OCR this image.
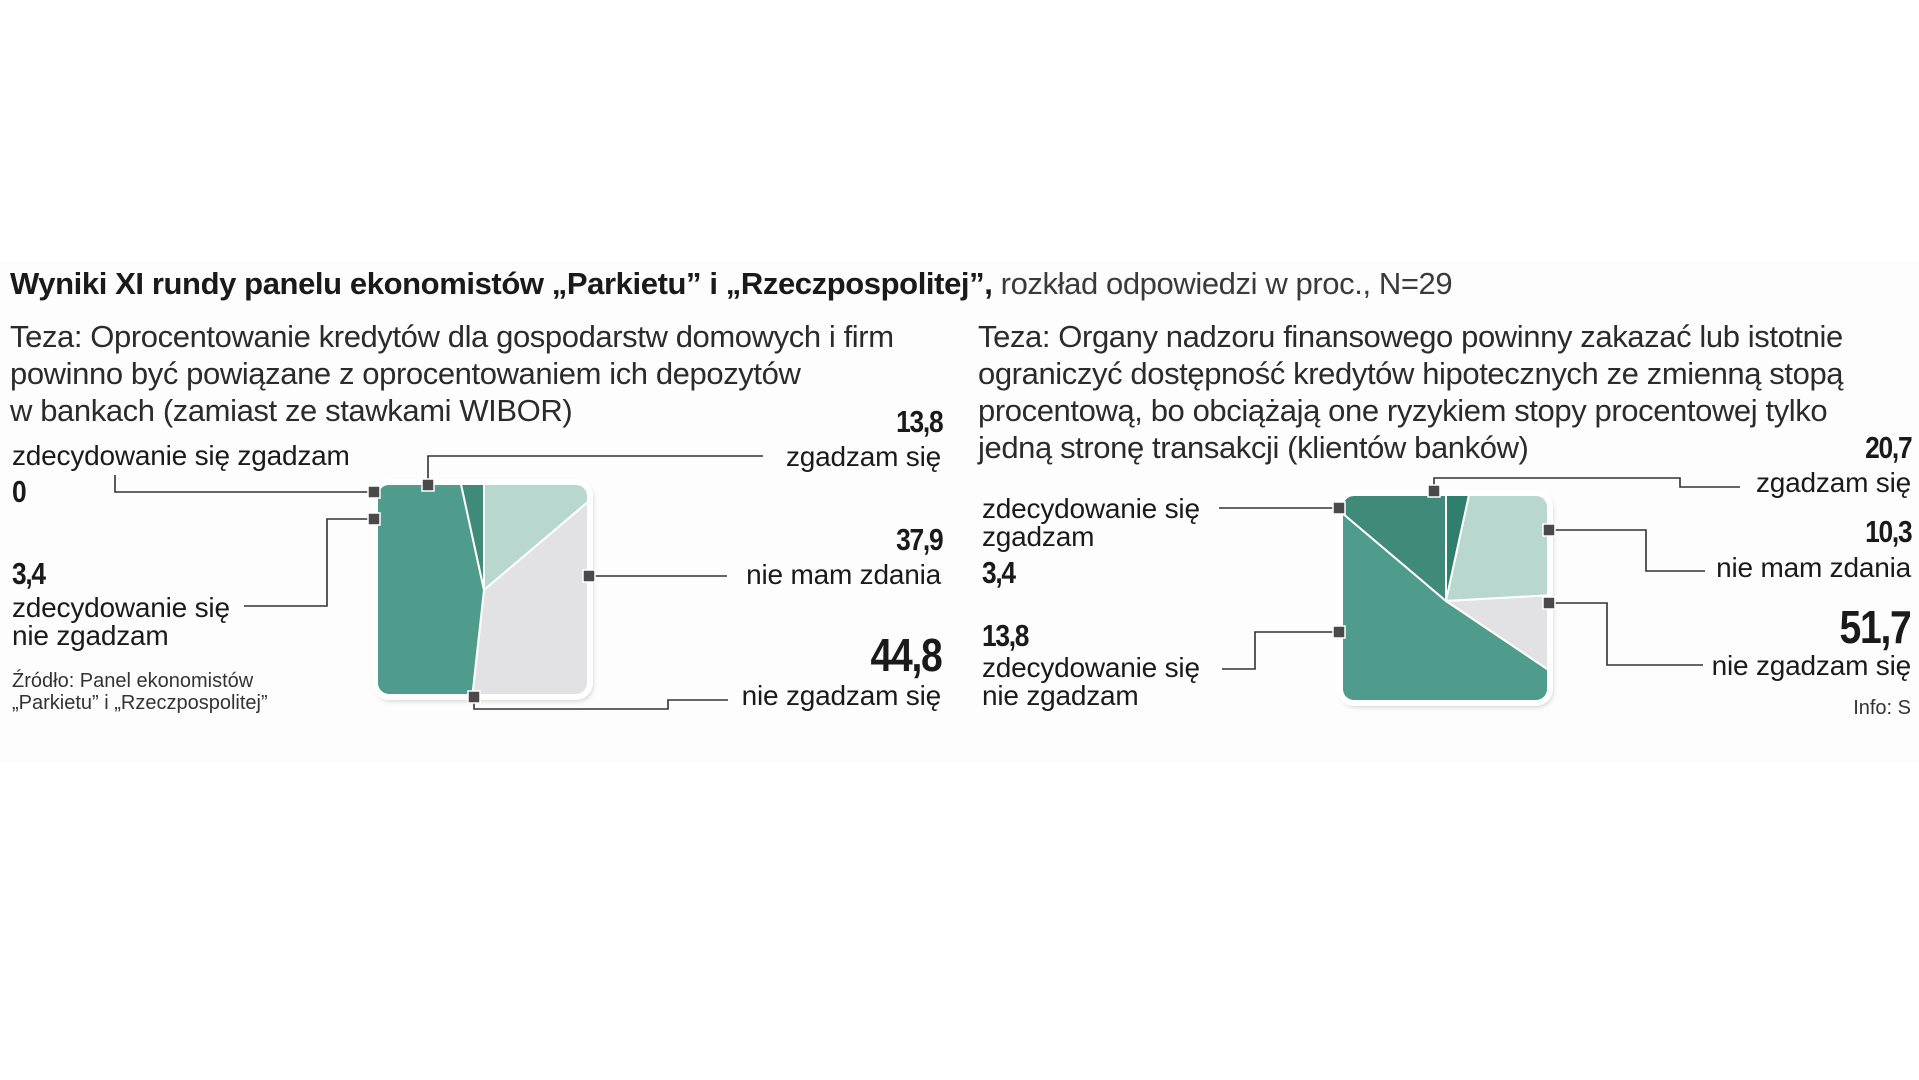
Wyniki XI rundy panelu ekonomistów „Parkietu” i „Rzeczpospolitej”, rozkład odpowiedzi w proc., N=29
Teza: Oprocentowanie kredytów dla gospodarstw domowych i firm
powinno być powiązane z oprocentowaniem ich depozytów
w bankach (zamiast ze stawkami WIBOR)
Teza: Organy nadzoru finansowego powinny zakazać lub istotnie
ograniczyć dostępność kredytów hipotecznych ze zmienną stopą
procentową, bo obciążają one ryzykiem stopy procentowej tylko
jedną stronę transakcji (klientów banków)
zdecydowanie się zgadzam
0
3,4
zdecydowanie się
nie zgadzam
13,8
zgadzam się
37,9
nie mam zdania
44,8
nie zgadzam się
Źródło: Panel ekonomistów
„Parkietu” i „Rzeczpospolitej”
zdecydowanie się
zgadzam
3,4
13,8
zdecydowanie się
nie zgadzam
20,7
zgadzam się
10,3
nie mam zdania
51,7
nie zgadzam się
Info: S
